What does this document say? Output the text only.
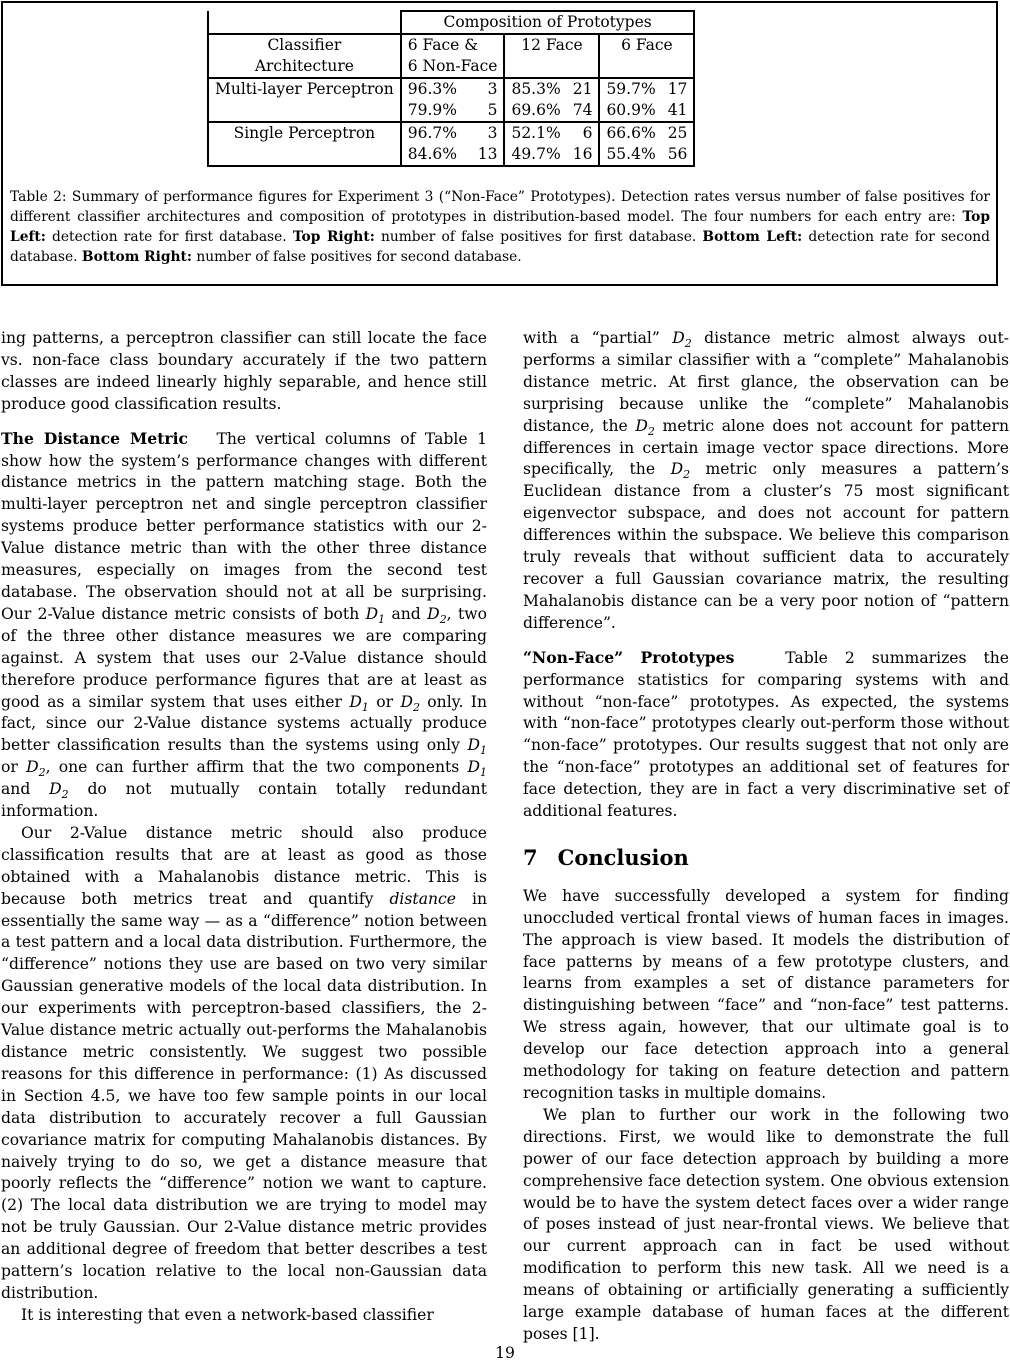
	Composition of Prototypes					
Classifier	6 Face &		12 Face		6 Face	
Architecture	6 Non-Face					
Multi-layer Perceptron	96.3%	3	85.3%	21	59.7%	17
	79.9%	5	69.6%	74	60.9%	41
Single Perceptron	96.7%	3	52.1%	6	66.6%	25
	84.6%	13	49.7%	16	55.4%	56

Table 2: Summary of performance figures for Experiment 3 (“Non-Face” Prototypes). Detection rates versus number of false positives for different classifier architectures and composition of prototypes in distribution-based model. The four numbers for each entry are: Top Left: detection rate for first database. Top Right: number of false positives for first database. Bottom Left: detection rate for second database. Bottom Right: number of false positives for second database.

ing patterns, a perceptron classifier can still locate the face vs. non-face class boundary accurately if the two pattern classes are indeed linearly highly separable, and hence still produce good classification results.

The Distance Metric The vertical columns of Table 1 show how the system’s performance changes with different distance metrics in the pattern matching stage. Both the multi-layer perceptron net and single perceptron classifier systems produce better performance statistics with our 2-Value distance metric than with the other three distance measures, especially on images from the second test database. The observation should not at all be surprising. Our 2-Value distance metric consists of both $D_1$ and $D_2$, two of the three other distance measures we are comparing against. A system that uses our 2-Value distance should therefore produce performance figures that are at least as good as a similar system that uses either $D_1$ or $D_2$ only. In fact, since our 2-Value distance systems actually produce better classification results than the systems using only $D_1$ or $D_2$, one can further affirm that the two components $D_1$ and $D_2$ do not mutually contain totally redundant information.

Our 2-Value distance metric should also produce classification results that are at least as good as those obtained with a Mahalanobis distance metric. This is because both metrics treat and quantify distance in essentially the same way — as a “difference” notion between a test pattern and a local data distribution. Furthermore, the “difference” notions they use are based on two very similar Gaussian generative models of the local data distribution. In our experiments with perceptron-based classifiers, the 2-Value distance metric actually out-performs the Mahalanobis distance metric consistently. We suggest two possible reasons for this difference in performance: (1) As discussed in Section 4.5, we have too few sample points in our local data distribution to accurately recover a full Gaussian covariance matrix for computing Mahalanobis distances. By naively trying to do so, we get a distance measure that poorly reflects the “difference” notion we want to capture. (2) The local data distribution we are trying to model may not be truly Gaussian. Our 2-Value distance metric provides an additional degree of freedom that better describes a test pattern’s location relative to the local non-Gaussian data distribution.

It is interesting that even a network-based classifier

with a “partial” $D_2$ distance metric almost always out-performs a similar classifier with a “complete” Mahalanobis distance metric. At first glance, the observation can be surprising because unlike the “complete” Mahalanobis distance, the $D_2$ metric alone does not account for pattern differences in certain image vector space directions. More specifically, the $D_2$ metric only measures a pattern’s Euclidean distance from a cluster’s 75 most significant eigenvector subspace, and does not account for pattern differences within the subspace. We believe this comparison truly reveals that without sufficient data to accurately recover a full Gaussian covariance matrix, the resulting Mahalanobis distance can be a very poor notion of “pattern difference”.

“Non-Face” Prototypes	Table 2 summarizes the performance statistics for comparing systems with and without “non-face” prototypes. As expected, the systems with “non-face” prototypes clearly out-perform those without “non-face” prototypes. Our results suggest that not only are the “non-face” prototypes an additional set of features for face detection, they are in fact a very discriminative set of additional features.

7 Conclusion

We have successfully developed a system for finding unoccluded vertical frontal views of human faces in images. The approach is view based. It models the distribution of face patterns by means of a few prototype clusters, and learns from examples a set of distance parameters for distinguishing between “face” and “non-face” test patterns. We stress again, however, that our ultimate goal is to develop our face detection approach into a general methodology for taking on feature detection and pattern recognition tasks in multiple domains.

We plan to further our work in the following two directions. First, we would like to demonstrate the full power of our face detection approach by building a more comprehensive face detection system. One obvious extension would be to have the system detect faces over a wider range of poses instead of just near-frontal views. We believe that our current approach can in fact be used without modification to perform this new task. All we need is a means of obtaining or artificially generating a sufficiently large example database of human faces at the different poses [1].

19
